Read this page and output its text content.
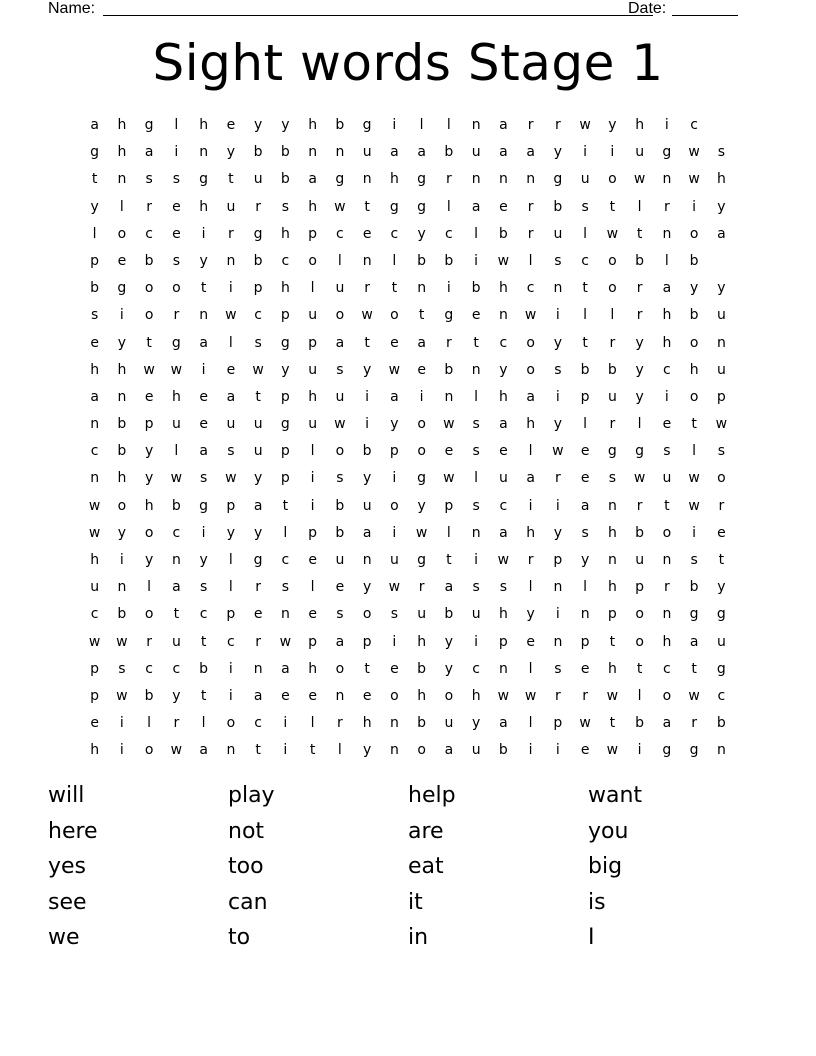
Name:	Date:
Sight words Stage 1
a	h	g	l	h	e	y	y	h	b	g	i	l	l	n	a	r	r	w	y	h	i	c
g	h	a	i	n	y	b	b	n	n	u	a	a	b	u	a	a	y	i	i	u	g	w	s
t	n	s	s	g	t	u	b	a	g	n	h	g	r	n	n	n	g	u	o	w	n	w	h
y	l	r	e	h	u	r	s	h	w	t	g	g	l	a	e	r	b	s	t	l	r	i	y
l	o	c	e	i	r	g	h	p	c	e	c	y	c	l	b	r	u	l	w	t	n	o	a
p	e	b	s	y	n	b	c	o	l	n	l	b	b	i	w	l	s	c	o	b	l	b
b	g	o	o	t	i	p	h	l	u	r	t	n	i	b	h	c	n	t	o	r	a	y	y
s	i	o	r	n	w	c	p	u	o	w	o	t	g	e	n	w	i	l	l	r	h	b	u
e	y	t	g	a	l	s	g	p	a	t	e	a	r	t	c	o	y	t	r	y	h	o	n
h	h	w	w	i	e	w	y	u	s	y	w	e	b	n	y	o	s	b	b	y	c	h	u
a	n	e	h	e	a	t	p	h	u	i	a	i	n	l	h	a	i	p	u	y	i	o	p
n	b	p	u	e	u	u	g	u	w	i	y	o	w	s	a	h	y	l	r	l	e	t	w
c	b	y	l	a	s	u	p	l	o	b	p	o	e	s	e	l	w	e	g	g	s	l	s
n	h	y	w	s	w	y	p	i	s	y	i	g	w	l	u	a	r	e	s	w	u	w	o
w	o	h	b	g	p	a	t	i	b	u	o	y	p	s	c	i	i	a	n	r	t	w	r
w	y	o	c	i	y	y	l	p	b	a	i	w	l	n	a	h	y	s	h	b	o	i	e
h	i	y	n	y	l	g	c	e	u	n	u	g	t	i	w	r	p	y	n	u	n	s	t
u	n	l	a	s	l	r	s	l	e	y	w	r	a	s	s	l	n	l	h	p	r	b	y
c	b	o	t	c	p	e	n	e	s	o	s	u	b	u	h	y	i	n	p	o	n	g	g
w	w	r	u	t	c	r	w	p	a	p	i	h	y	i	p	e	n	p	t	o	h	a	u
p	s	c	c	b	i	n	a	h	o	t	e	b	y	c	n	l	s	e	h	t	c	t	g
p	w	b	y	t	i	a	e	e	n	e	o	h	o	h	w	w	r	r	w	l	o	w	c
e	i	l	r	l	o	c	i	l	r	h	n	b	u	y	a	l	p	w	t	b	a	r	b
h	i	o	w	a	n	t	i	t	l	y	n	o	a	u	b	i	i	e	w	i	g	g	n
will	play	help	want
here	not	are	you
yes	too	eat	big
see	can	it	is
we	to	in	I
